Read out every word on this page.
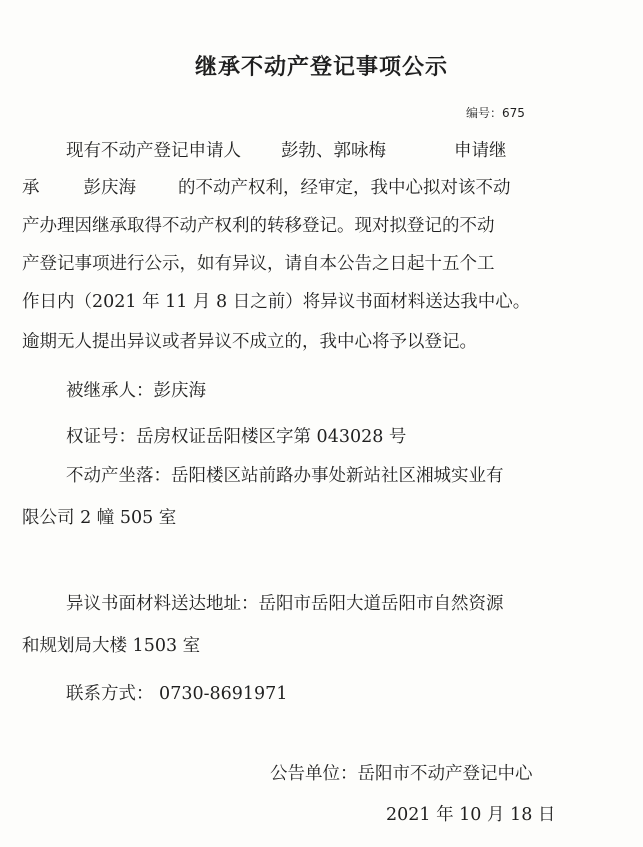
继承不动产登记事项公示
编号：675
现有不动产登记申请人 彭勃、郭咏梅	申请继
承	彭庆海 的不动产权利，经审定，我中心拟对该不动
产办理因继承取得不动产权利的转移登记。现对拟登记的不动
产登记事项进行公示，如有异议，请自本公告之日起十五个工
作日内（2021 年 11 月 8 日之前）将异议书面材料送达我中心。
逾期无人提出异议或者异议不成立的，我中心将予以登记。
被继承人：彭庆海
权证号：岳房权证岳阳楼区字第 043028 号
不动产坐落：岳阳楼区站前路办事处新站社区湘城实业有
限公司 2 幢 505 室
异议书面材料送达地址：岳阳市岳阳大道岳阳市自然资源
和规划局大楼 1503 室
联系方式： 0730-8691971
公告单位：岳阳市不动产登记中心
2021 年 10 月 18 日
